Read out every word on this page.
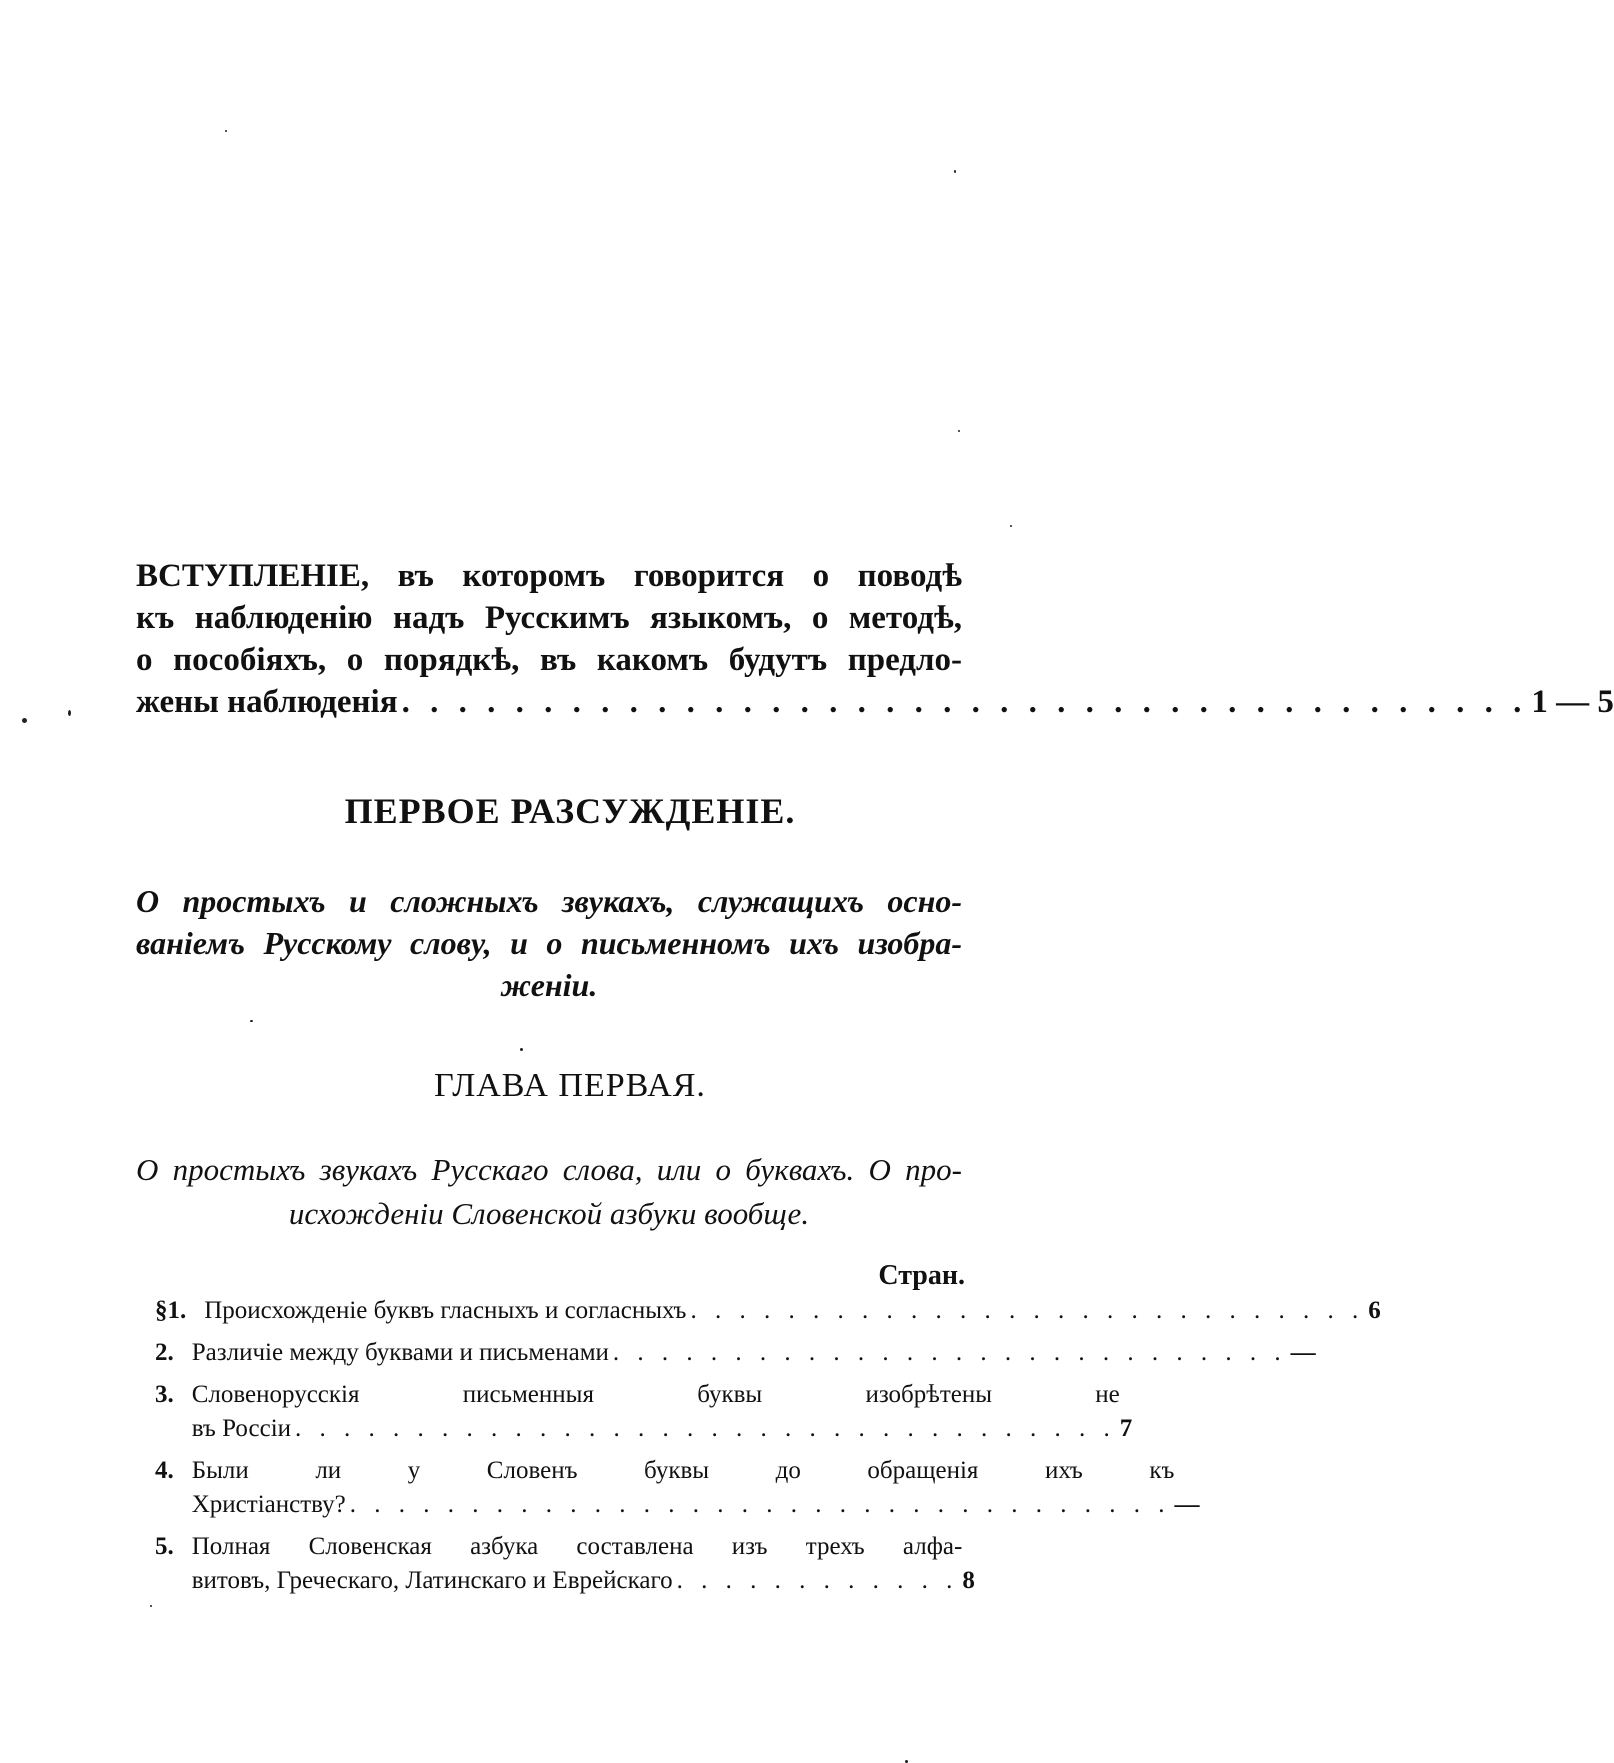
ВСТУПЛЕНІЕ, въ которомъ говорится о поводѣ
къ наблюденію надъ Русскимъ языкомъ, о методѣ,
о пособіяхъ, о порядкѣ, въ какомъ будутъ предло-
жены наблюденія . . . . . . . . . . . . . . . . . . . . . . . . . . . . . . . . . . . . . . . . 1 — 5
ПЕРВОЕ РАЗСУЖДЕНІЕ.
О простыхъ и сложныхъ звукахъ, служащихъ осно-
ваніемъ Русскому слову, и о письменномъ ихъ изобра-
женіи.
ГЛАВА ПЕРВАЯ.
О простыхъ звукахъ Русскаго слова, или о буквахъ. О про-
исхожденіи Словенской азбуки вообще.
Стран.
§ 1. Происхожденіе буквъ гласныхъ и согласныхъ . . . . . . . . . . . . . . . . . . . . . . . . . . . . 6
2. Различіе между буквами и письменами . . . . . . . . . . . . . . . . . . . . . . . . . . . . —
3. Словенорусскія письменныя буквы изобрѣтены не
въ Россіи . . . . . . . . . . . . . . . . . . . . . . . . . . . . . . . . . . 7
4. Были ли у Словенъ буквы до обращенія ихъ къ
Христіанству? . . . . . . . . . . . . . . . . . . . . . . . . . . . . . . . . . . —
5. Полная Словенская азбука составлена изъ трехъ алфа-
витовъ, Греческаго, Латинскаго и Еврейскаго . . . . . . . . . . . . 8
